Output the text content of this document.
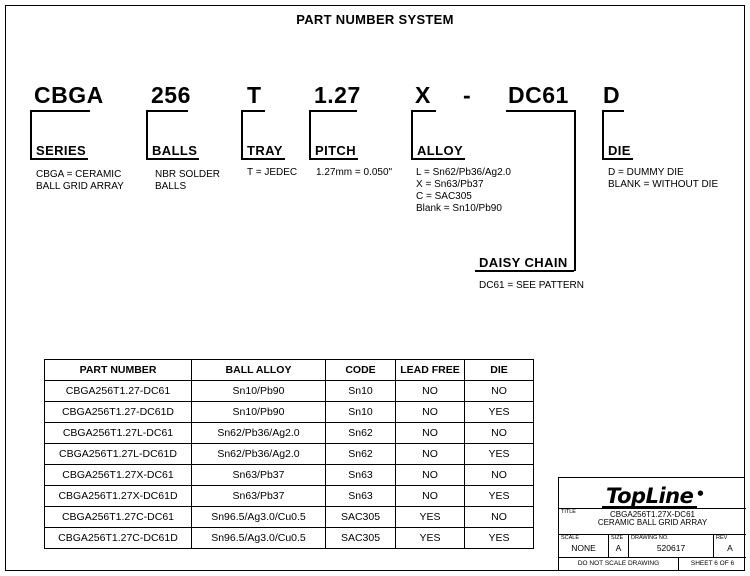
PART NUMBER SYSTEM
CBGA 256 T 1.27 X - DC61 D
SERIES	BALLS	TRAY	PITCH	ALLOY	DIE
DAISY CHAIN
CBGA = CERAMIC
BALL GRID ARRAY
NBR SOLDER
BALLS
T = JEDEC 1.27mm = 0.050" L = Sn62/Pb36/Ag2.0
X = Sn63/Pb37
C = SAC305
Blank = Sn10/Pb90
D = DUMMY DIE
BLANK = WITHOUT DIE
DC61 = SEE PATTERN
PART NUMBER	BALL ALLOY	CODE	LEAD FREE	DIE
CBGA256T1.27-DC61	Sn10/Pb90	Sn10	NO	NO
CBGA256T1.27-DC61D	Sn10/Pb90	Sn10	NO	YES
CBGA256T1.27L-DC61	Sn62/Pb36/Ag2.0	Sn62	NO	NO
CBGA256T1.27L-DC61D	Sn62/Pb36/Ag2.0	Sn62	NO	YES
CBGA256T1.27X-DC61	Sn63/Pb37	Sn63	NO	NO
CBGA256T1.27X-DC61D	Sn63/Pb37	Sn63	NO	YES
CBGA256T1.27C-DC61	Sn96.5/Ag3.0/Cu0.5	SAC305	YES	NO
CBGA256T1.27C-DC61D	Sn96.5/Ag3.0/Cu0.5	SAC305	YES	YES
TopLine ●
TITLE	CBGA256T1.27X-DC61
CERAMIC BALL GRID ARRAY
SCALE
NONE
SIZE
A
DRAWING NO.
520617
REV
A
DO NOT SCALE DRAWING	SHEET 6 OF 6
